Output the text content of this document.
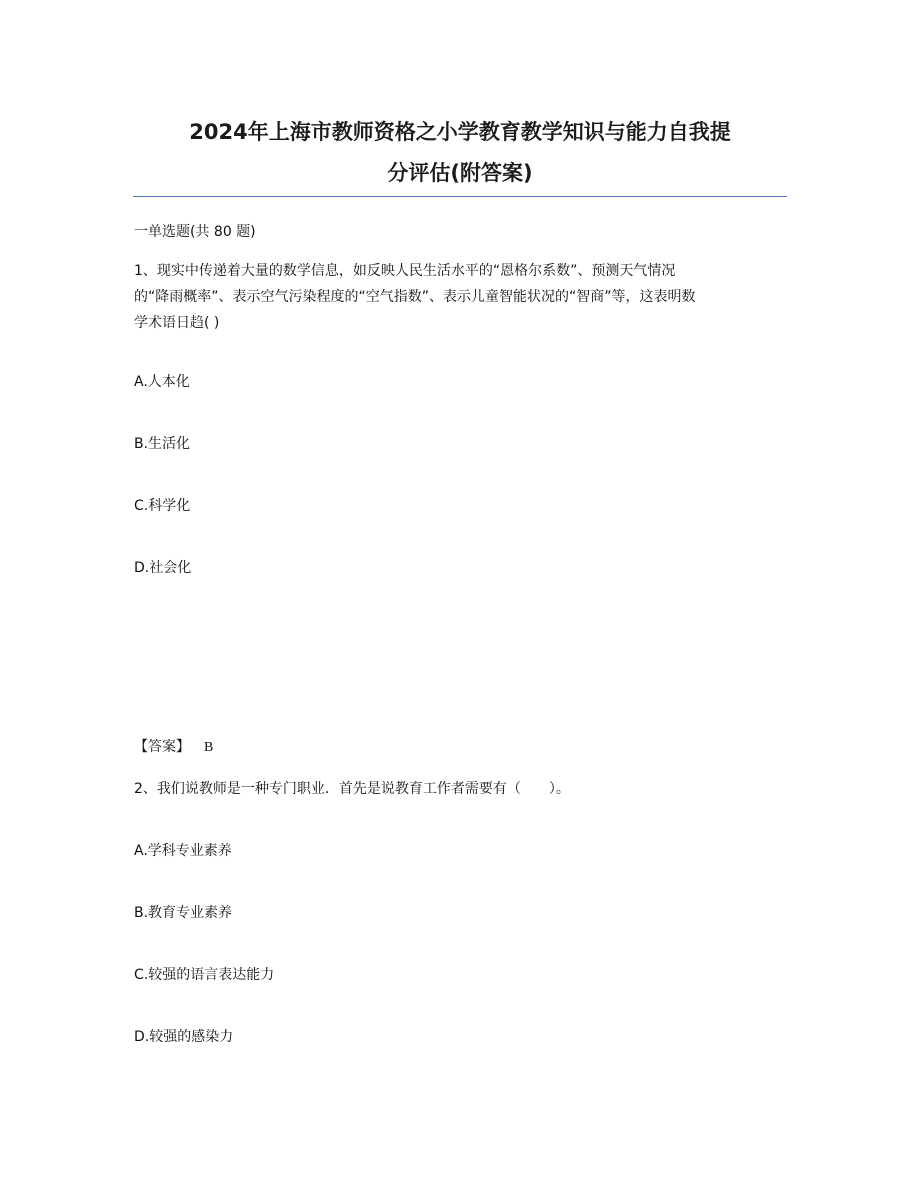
2024年上海市教师资格之小学教育教学知识与能力自我提
分评估(附答案)
一单选题(共 80 题)
1、现实中传递着大量的数学信息，如反映人民生活水平的“恩格尔系数”、预测天气情况
的“降雨概率”、表示空气污染程度的“空气指数”、表示儿童智能状况的“智商”等，这表明数
学术语日趋( )
A.人本化
B.生活化
C.科学化
D.社会化
【答案】 B
2、我们说教师是一种专门职业．首先是说教育工作者需要有（　　）。
A.学科专业素养
B.教育专业素养
C.较强的语言表达能力
D.较强的感染力
